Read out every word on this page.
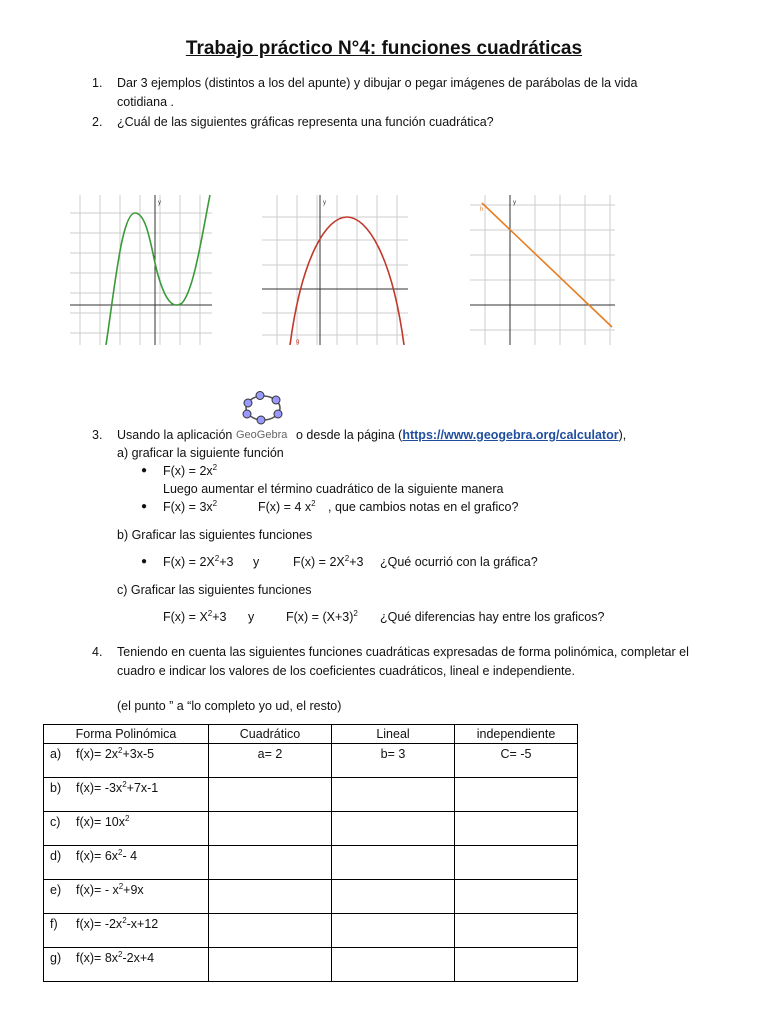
Trabajo práctico N°4: funciones cuadráticas
1.	Dar 3 ejemplos (distintos a los del apunte) y dibujar o pegar imágenes de parábolas de la vida
cotidiana .
2.	¿Cuál de las siguientes gráficas representa una función cuadrática?
y
f
y
g
y
h
GeoGebra
3.	Usando la aplicación	o desde la página (https://www.geogebra.org/calculator),
a) graficar la siguiente función
● $F(x) = 2x^2$
Luego aumentar el término cuadrático de la siguiente manera
● $F(x) = 3x^2$	F(x) = 4 $x^2$ , que cambios notas en el grafico?
b) Graficar las siguientes funciones
● $F(x) = 2X^2+3$ y	$F(x) = 2X^2+3$ ¿Qué ocurrió con la gráfica?
c) Graficar las siguientes funciones
$F(x) = X^2+3$ y	$F(x) = (X+3)^2$ ¿Qué diferencias hay entre los graficos?
4.	Teniendo en cuenta las siguientes funciones cuadráticas expresadas de forma polinómica, completar el
cuadro e indicar los valores de los coeficientes cuadráticos, lineal e independiente.
(el punto ” a “lo completo yo ud, el resto)
Forma Polinómica	Cuadrático	Lineal	independiente
a) $f(x)= 2x^2+3x-5$	a= 2	b= 3	C= -5
b) $f(x)= -3x^2+7x-1$			
c) $f(x)= 10x^2$			
d) $f(x)= 6x^2-$ 4			
e) $f(x)= - x^2+9x$			
f) $f(x)= -2x^2-x+12$			
g) $f(x)= 8x^2-2x+4$			
